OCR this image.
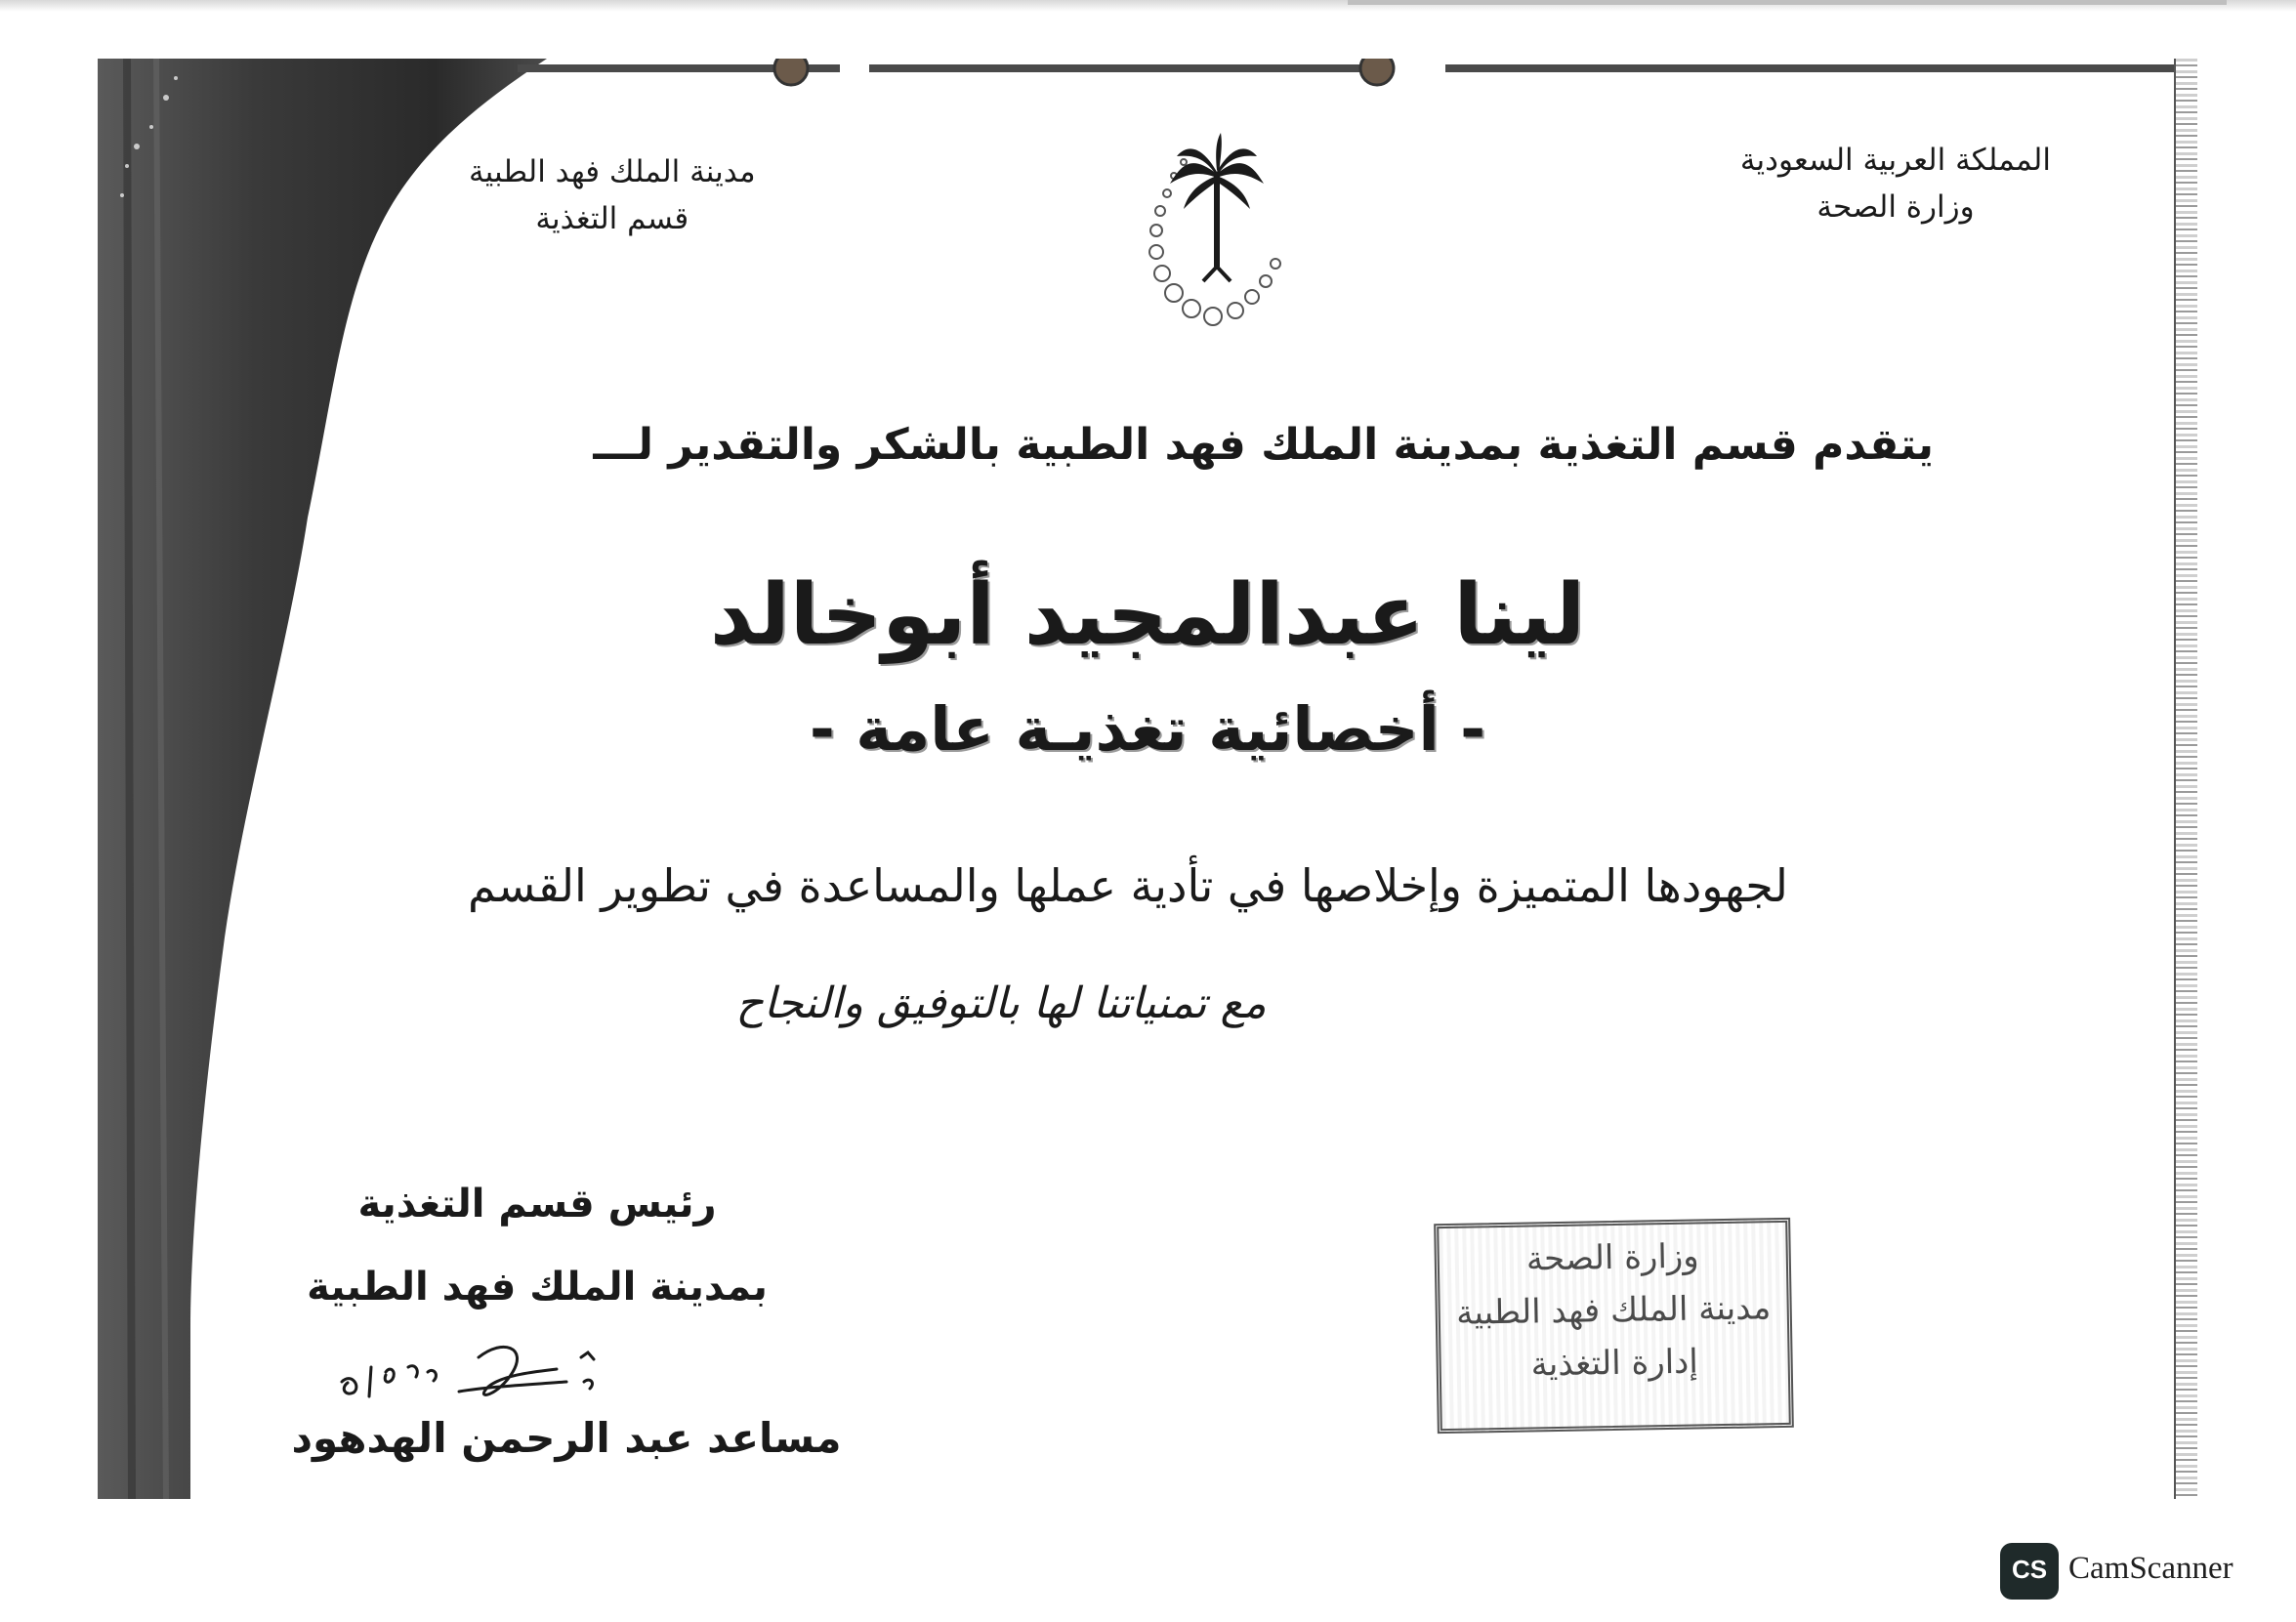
المملكة العربية السعودية
وزارة الصحة
مدينة الملك فهد الطبية
قسم التغذية
يتقدم قسم التغذية بمدينة الملك فهد الطبية بالشكر والتقدير لـــ
لينا عبدالمجيد أبوخالد
- أخصائية تغذيـة عامة -
لجهودها المتميزة وإخلاصها في تأدية عملها والمساعدة في تطوير القسم
مع تمنياتنا لها بالتوفيق والنجاح
رئيس قسم التغذية
بمدينة الملك فهد الطبية
مساعد عبد الرحمن الهدهود
وزارة الصحة
مدينة الملك فهد الطبية
إدارة التغذية
CS CamScanner
